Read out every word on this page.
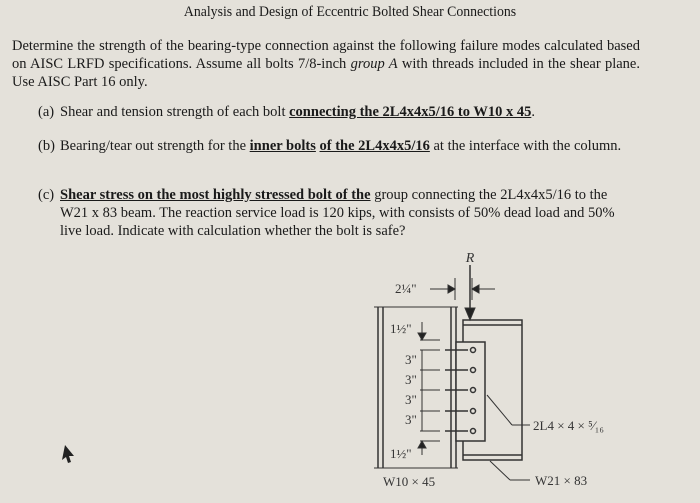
Analysis and Design of Eccentric Bolted Shear Connections
Determine the strength of the bearing-type connection against the following failure modes calculated based on AISC LRFD specifications. Assume all bolts 7/8-inch group A with threads included in the shear plane. Use AISC Part 16 only.
(a) Shear and tension strength of each bolt connecting the 2L4x4x5/16 to W10 x 45.
(b) Bearing/tear out strength for the inner bolts of the 2L4x4x5/16 at the interface with the column.
(c) Shear stress on the most highly stressed bolt of the group connecting the 2L4x4x5/16 to the W21 x 83 beam. The reaction service load is 120 kips, with consists of 50% dead load and 50% live load. Indicate with calculation whether the bolt is safe?
R
2¼"
1½"
3"
3"
3"
3"
1½"
2L4 × 4 × ⁵⁄₁₆
W10 × 45	W21 × 83
